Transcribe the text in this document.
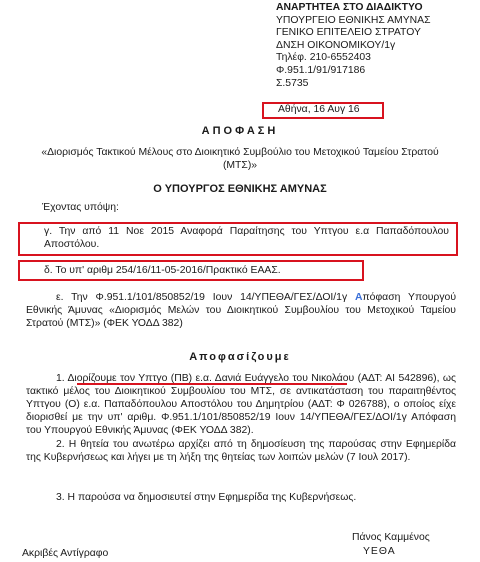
ΑΝΑΡΤΗΤΕΑ ΣΤΟ ΔΙΑΔΙΚΤΥΟ
ΥΠΟΥΡΓΕΙΟ ΕΘΝΙΚΗΣ ΑΜΥΝΑΣ
ΓΕΝΙΚΟ ΕΠΙΤΕΛΕΙΟ ΣΤΡΑΤΟΥ
ΔΝΣΗ ΟΙΚΟΝΟΜΙΚΟΥ/1γ
Τηλέφ. 210-6552403
Φ.951.1/91/917186
Σ.5735
Αθήνα, 16 Αυγ 16
ΑΠΟΦΑΣΗ
«Διορισμός Τακτικού Μέλους στο Διοικητικό Συμβούλιο του Μετοχικού Ταμείου Στρατού (ΜΤΣ)»
Ο ΥΠΟΥΡΓΟΣ ΕΘΝΙΚΗΣ ΑΜΥΝΑΣ
Έχοντας υπόψη:
γ. Την από 11 Νοε 2015 Αναφορά Παραίτησης του Υπτγου ε.α Παπαδόπουλου Αποστόλου.
δ. Το υπ' αριθμ 254/16/11-05-2016/Πρακτικό ΕΑΑΣ.
ε. Την Φ.951.1/101/850852/19 Ιουν 14/ΥΠΕΘΑ/ΓΕΣ/ΔΟΙ/1γ Απόφαση Υπουργού Εθνικής Άμυνας «Διορισμός Μελών του Διοικητικού Συμβουλίου του Μετοχικού Ταμείου Στρατού (ΜΤΣ)» (ΦΕΚ ΥΟΔΔ 382)
Αποφασίζουμε
1. Διορίζουμε τον Υπτγο (ΠΒ) ε.α. Δανιά Ευάγγελο του Νικολάου (ΑΔΤ: ΑΙ 542896), ως τακτικό μέλος του Διοικητικού Συμβουλίου του ΜΤΣ, σε αντικατάσταση του παραιτηθέντος Υπτγου (Ο) ε.α. Παπαδόπουλου Αποστόλου του Δημητρίου (ΑΔΤ: Φ 026788), ο οποίος είχε διορισθεί με την υπ' αριθμ. Φ.951.1/101/850852/19 Ιουν 14/ΥΠΕΘΑ/ΓΕΣ/ΔΟΙ/1γ Απόφαση του Υπουργού Εθνικής Άμυνας (ΦΕΚ ΥΟΔΔ 382).
2. Η θητεία του ανωτέρω αρχίζει από τη δημοσίευση της παρούσας στην Εφημερίδα της Κυβερνήσεως και λήγει με τη λήξη της θητείας των λοιπών μελών (7 Ιουλ 2017).
3. Η παρούσα να δημοσιευτεί στην Εφημερίδα της Κυβερνήσεως.
Πάνος Καμμένος
ΥΕΘΑ
Ακριβές Αντίγραφο
